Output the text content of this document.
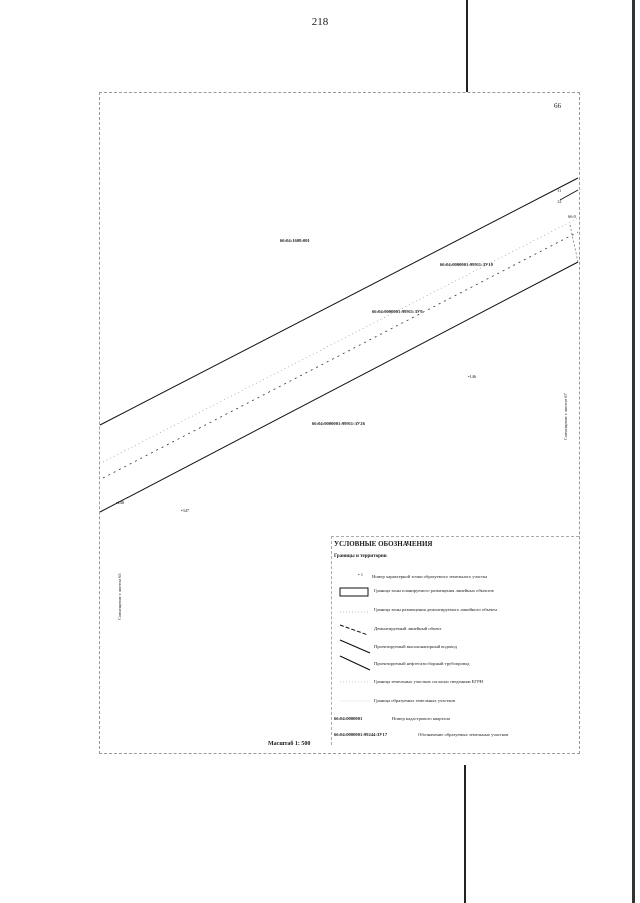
218
66
66:04:1608:001
66:04:0000001:99911:ЗУ10
66:04:0000001:99911:ЗУ9
66:04:0000001:99911:ЗУ26
•146
•347
•248
11
12
66:0
Совмещение с листом 67
Совмещение с листом 65
УСЛОВНЫЕ ОБОЗНАЧЕНИЯ
Границы и территории
• 1 Номер характерной точки образуемого земельного участка
Граница зоны планируемого размещения линейных объектов
Граница зоны размещения демонтируемого линейного объекта
Демонтируемый линейный объект
Проектируемый высоконапорный водовод
Проектируемый нефтегазосборный трубопровод
Граница земельных участков согласно сведениям ЕГРН
Граница образуемых земельных участков
66:04:0000001	Номер кадастрового квартала
66:04:0000001:99244:ЗУ17	Обозначение образуемых земельных участков
Масштаб 1: 500
